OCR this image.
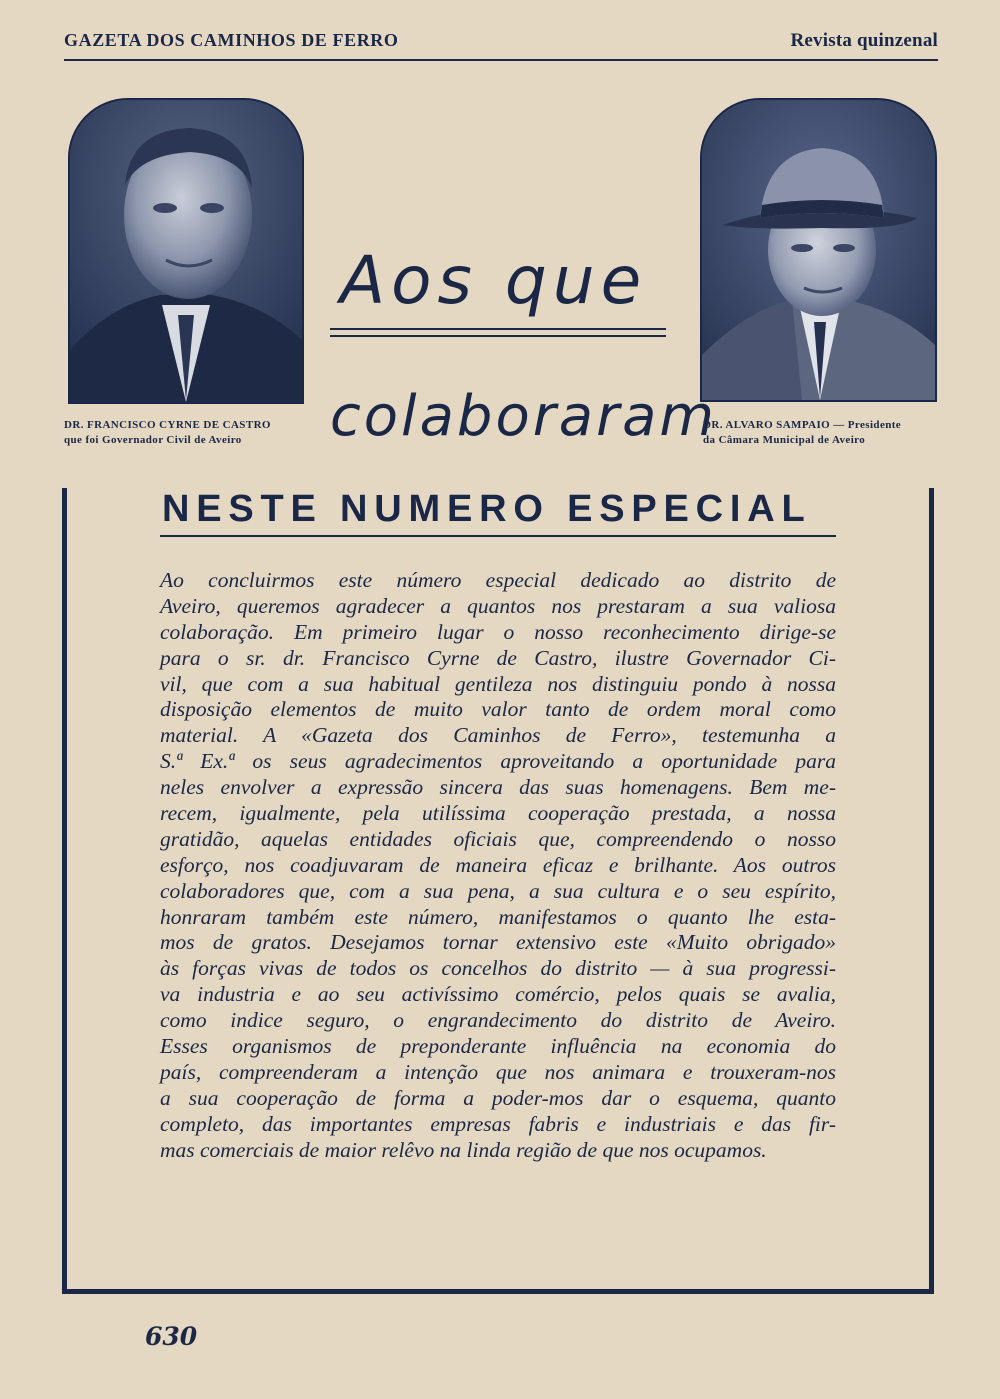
GAZETA DOS CAMINHOS DE FERRO	Revista quinzenal
DR. FRANCISCO CYRNE DE CASTRO
que foi Governador Civil de Aveiro
DR. ALVARO SAMPAIO — Presidente
da Câmara Municipal de Aveiro
Aos que
colaboraram
NESTE NUMERO ESPECIAL
Ao concluirmos este número especial dedicado ao distrito de
Aveiro, queremos agradecer a quantos nos prestaram a sua valiosa
colaboração. Em primeiro lugar o nosso reconhecimento dirige-se
para o sr. dr. Francisco Cyrne de Castro, ilustre Governador Ci-
vil, que com a sua habitual gentileza nos distinguiu pondo à nossa
disposição elementos de muito valor tanto de ordem moral como
material. A «Gazeta dos Caminhos de Ferro», testemunha a
S.ª Ex.ª os seus agradecimentos aproveitando a oportunidade para
neles envolver a expressão sincera das suas homenagens. Bem me-
recem, igualmente, pela utilíssima cooperação prestada, a nossa
gratidão, aquelas entidades oficiais que, compreendendo o nosso
esforço, nos coadjuvaram de maneira eficaz e brilhante. Aos outros
colaboradores que, com a sua pena, a sua cultura e o seu espírito,
honraram também este número, manifestamos o quanto lhe esta-
mos de gratos. Desejamos tornar extensivo este «Muito obrigado»
às forças vivas de todos os concelhos do distrito — à sua progressi-
va industria e ao seu activíssimo comércio, pelos quais se avalia,
como indice seguro, o engrandecimento do distrito de Aveiro.
Esses organismos de preponderante influência na economia do
país, compreenderam a intenção que nos animara e trouxeram-nos
a sua cooperação de forma a poder-mos dar o esquema, quanto
completo, das importantes empresas fabris e industriais e das fir-
mas comerciais de maior relêvo na linda região de que nos ocupamos.
630
